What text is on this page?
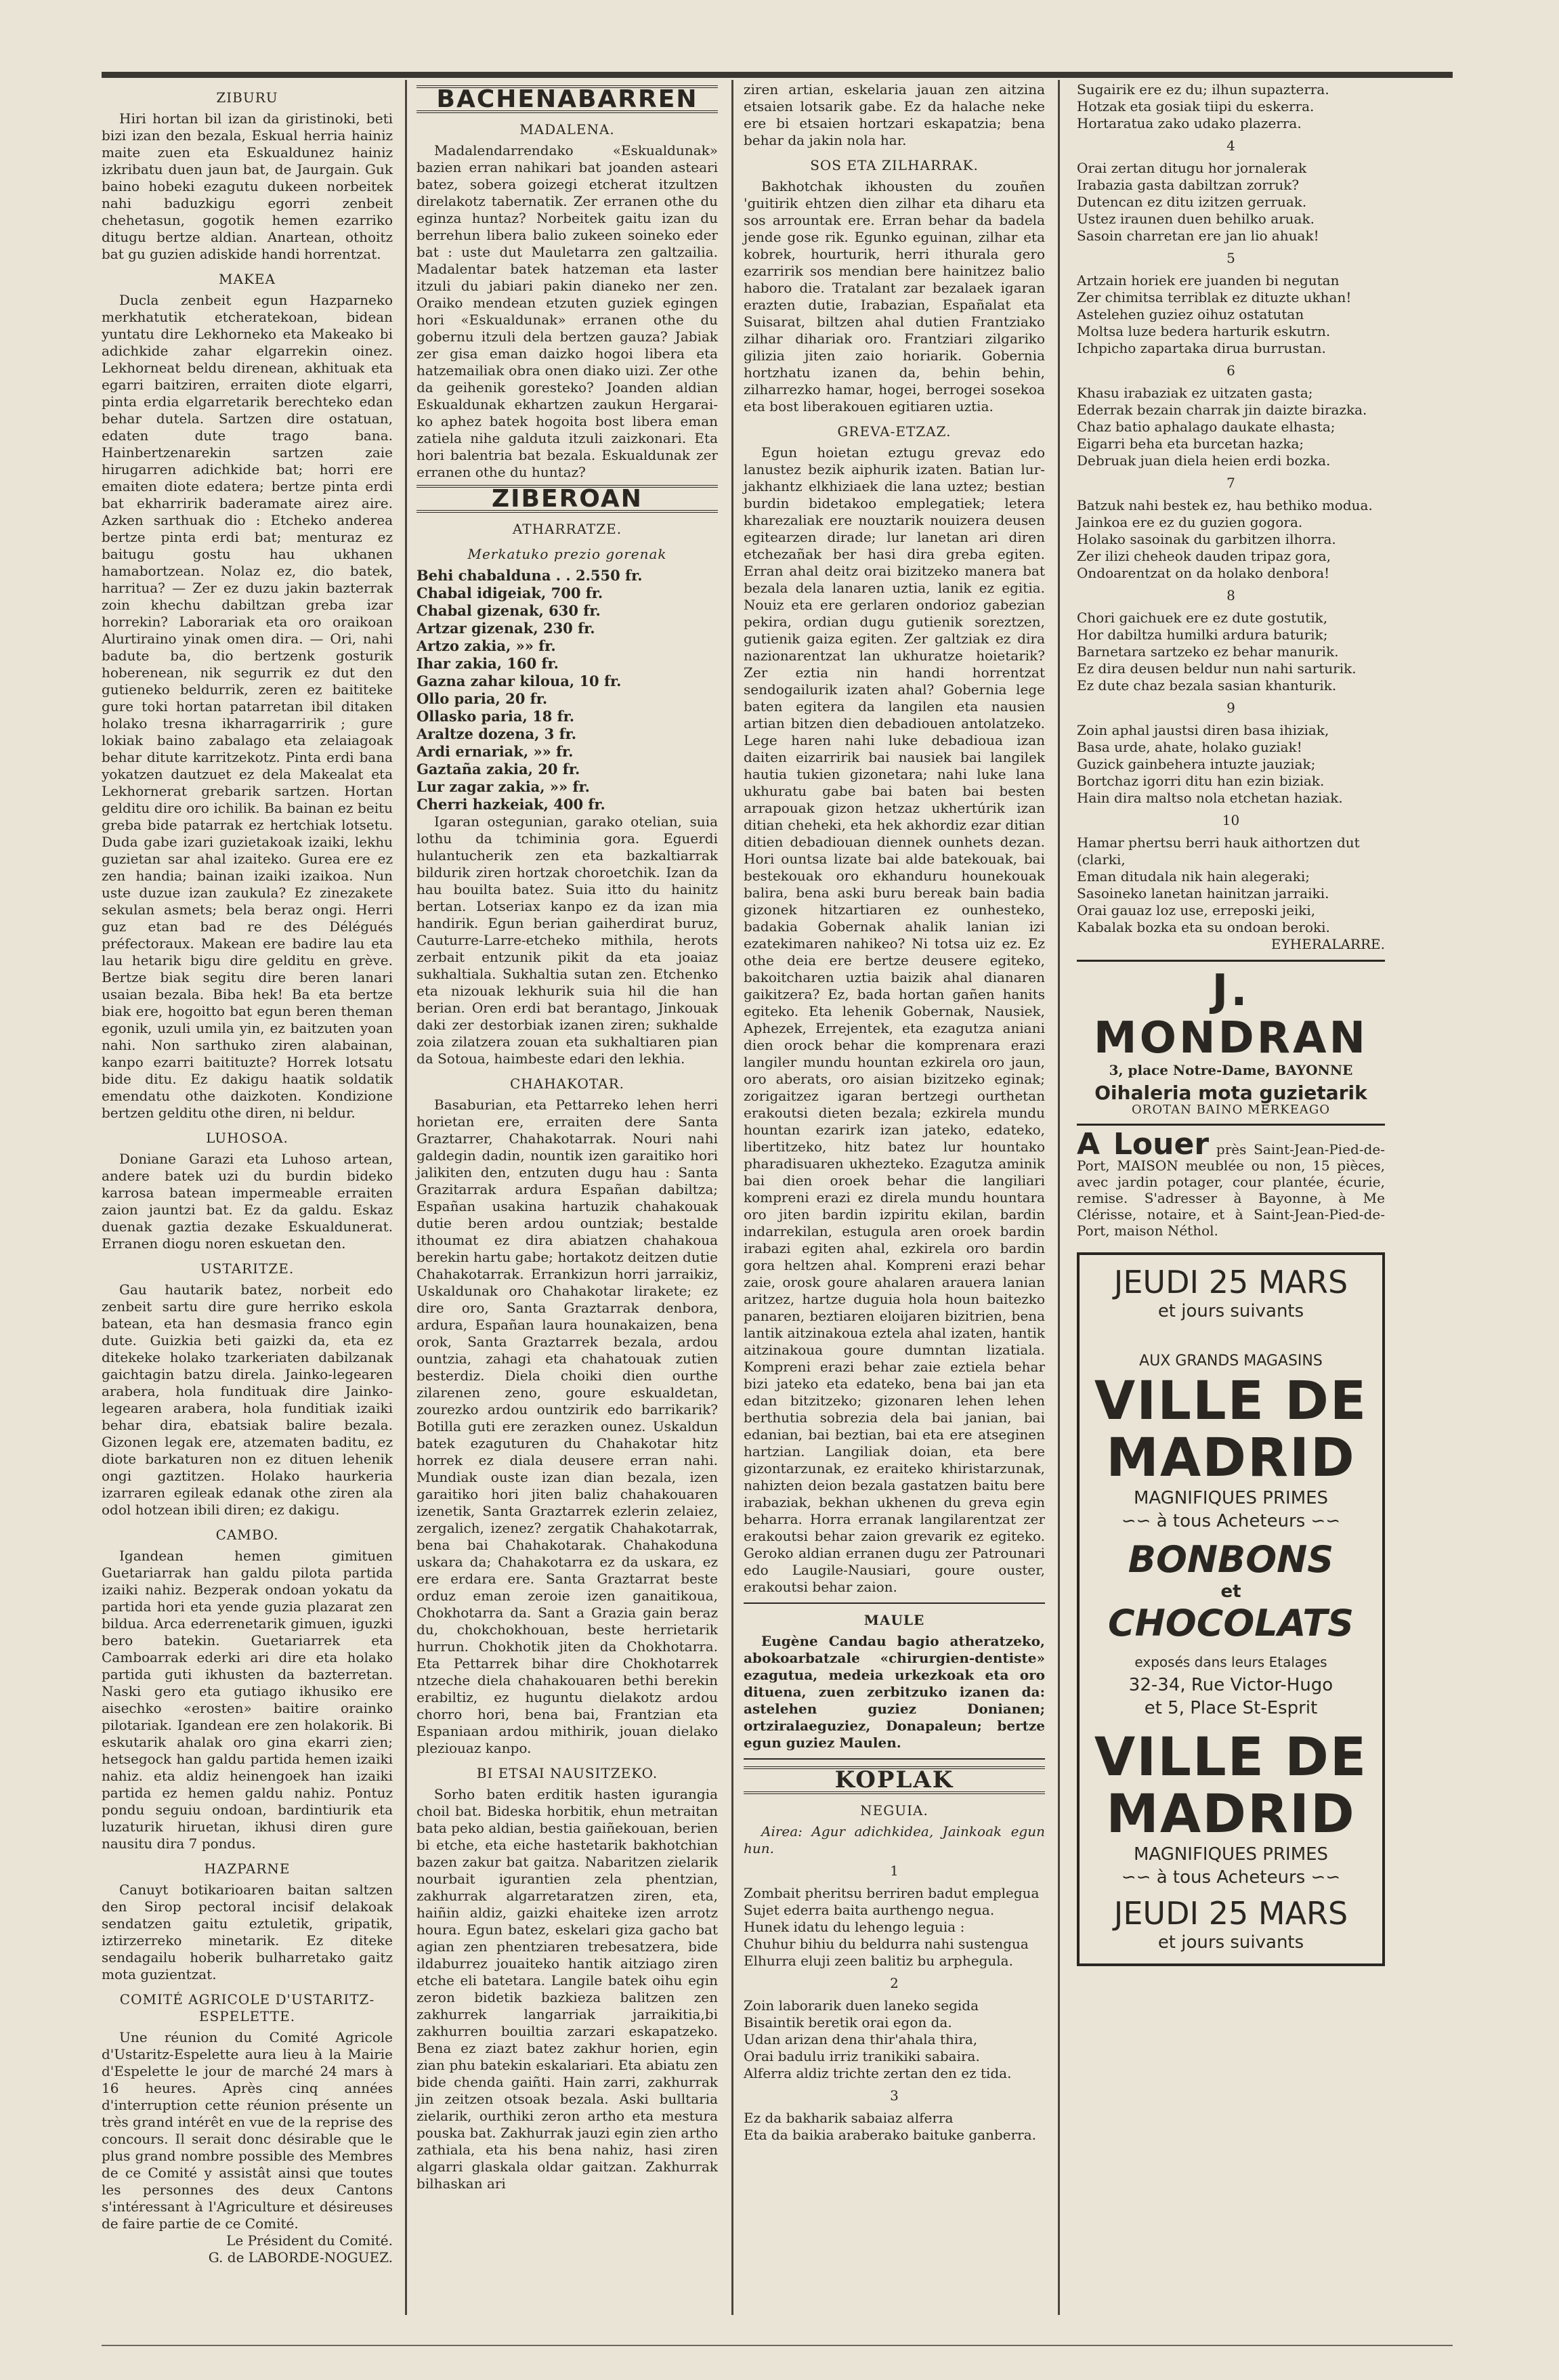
ZIBURU

Hiri hortan bil izan da giristinoki, beti bizi izan den bezala, Eskual herria hainiz maite zuen eta Eskualdunez hainiz izkribatu duen jaun bat, de Jaurgain. Guk baino hobeki ezagutu dukeen norbeitek nahi baduzkigu egorri zenbeit chehetasun, gogotik hemen ezarriko ditugu bertze aldian. Anartean, othoitz bat gu guzien adiskide handi horrentzat.

MAKEA

Ducla zenbeit egun Hazparneko merkhatutik etcheratekoan, bidean yuntatu dire Lekhorneko eta Makeako bi adichkide zahar elgarrekin oinez. Lekhorneat beldu direnean, akhituak eta egarri baitziren, erraiten diote elgarri, pinta erdia elgarretarik berechteko edan behar dutela. Sartzen dire ostatuan, edaten dute trago bana. Hainbertzenarekin sartzen zaie hirugarren adichkide bat; horri ere emaiten diote edatera; bertze pinta erdi bat ekharririk baderamate airez aire. Azken sarthuak dio : Etcheko anderea bertze pinta erdi bat; menturaz ez baitugu gostu hau ukhanen hamabortzean. Nolaz ez, dio batek, harritua? — Zer ez duzu jakin bazterrak zoin khechu dabiltzan greba izar horrekin? Laborariak eta oro oraikoan Alurtiraino yinak omen dira. — Ori, nahi badute ba, dio bertzenk gosturik hoberenean, nik segurrik ez dut den gutieneko beldurrik, zeren ez baititeke gure toki hortan patarretan ibil ditaken holako tresna ikharragarririk ; gure lokiak baino zabalago eta zelaiagoak behar ditute karritzekotz. Pinta erdi bana yokatzen dautzuet ez dela Makealat eta Lekhornerat grebarik sartzen. Hortan gelditu dire oro ichilik. Ba bainan ez beitu greba bide patarrak ez hertchiak lotsetu. Duda gabe izari guzietakoak izaiki, lekhu guzietan sar ahal izaiteko. Gurea ere ez zen handia; bainan izaiki izaikoa. Nun uste duzue izan zaukula? Ez zinezakete sekulan asmets; bela beraz ongi. Herri guz etan bad re des Délégués préfectoraux. Makean ere badire lau eta lau hetarik bigu dire gelditu en grève. Bertze biak segitu dire beren lanari usaian bezala. Biba hek! Ba eta bertze biak ere, hogoitto bat egun beren theman egonik, uzuli umila yin, ez baitzuten yoan nahi. Non sarthuko ziren alabainan, kanpo ezarri baitituzte? Horrek lotsatu bide ditu. Ez dakigu haatik soldatik emendatu othe daizkoten. Kondizione bertzen gelditu othe diren, ni beldur.

LUHOSOA.

Doniane Garazi eta Luhoso artean, andere batek uzi du burdin bideko karrosa batean impermeable erraiten zaion jauntzi bat. Ez da galdu. Eskaz duenak gaztia dezake Eskualdunerat. Erranen diogu noren eskuetan den.

USTARITZE.

Gau hautarik batez, norbeit edo zenbeit sartu dire gure herriko eskola batean, eta han desmasia franco egin dute. Guizkia beti gaizki da, eta ez ditekeke holako tzarkeriaten dabilzanak gaichtagin batzu direla. Jainko-legearen arabera, hola fundituak dire Jainko-legearen arabera, hola funditiak izaiki behar dira, ebatsiak balire bezala. Gizonen legak ere, atzematen baditu, ez diote barkaturen non ez dituen lehenik ongi gaztitzen. Holako haurkeria izarraren egileak edanak othe ziren ala odol hotzean ibili diren; ez dakigu.

CAMBO.

Igandean hemen gimituen Guetariarrak han galdu pilota partida izaiki nahiz. Bezperak ondoan yokatu da partida hori eta yende guzia plazarat zen bildua. Arca ederrenetarik gimuen, iguzki bero batekin. Guetariarrek eta Camboarrak ederki ari dire eta holako partida guti ikhusten da bazterretan. Naski gero eta gutiago ikhusiko ere aisechko «erosten» baitire orainko pilotariak. Igandean ere zen holakorik. Bi eskutarik ahalak oro gina ekarri zien; hetsegock han galdu partida hemen izaiki nahiz. eta aldiz heinengoek han izaiki partida ez hemen galdu nahiz. Pontuz pondu seguiu ondoan, bardintiurik eta luzaturik hiruetan, ikhusi diren gure nausitu dira 7 pondus.

HAZPARNE

Canuyt botikarioaren baitan saltzen den Sirop pectoral incisif delakoak sendatzen gaitu eztuletik, gripatik, iztirzerreko minetarik. Ez diteke sendagailu hoberik bulharretako gaitz mota guzientzat.

COMITÉ AGRICOLE D'USTARITZ-ESPELETTE.

Une réunion du Comité Agricole d'Ustaritz-Espelette aura lieu à la Mairie d'Espelette le jour de marché 24 mars à 16 heures. Après cinq années d'interruption cette réunion présente un très grand intérêt en vue de la reprise des concours. Il serait donc désirable que le plus grand nombre possible des Membres de ce Comité y assistât ainsi que toutes les personnes des deux Cantons s'intéressant à l'Agriculture et désireuses de faire partie de ce Comité.

Le Président du Comité.

G. de LABORDE-NOGUEZ.

BACHENABARREN
MADALENA.

Madalendarrendako «Eskualdunak» bazien erran nahikari bat joanden asteari batez, sobera goizegi etcherat itzultzen direlakotz tabernatik. Zer erranen othe du eginza huntaz? Norbeitek gaitu izan du berrehun libera balio zukeen soineko eder bat : uste dut Mauletarra zen galtzailia. Madalentar batek hatzeman eta laster itzuli du jabiari pakin dianeko ner zen. Oraiko mendean etzuten guziek egingen hori «Eskualdunak» erranen othe du gobernu itzuli dela bertzen gauza? Jabiak zer gisa eman daizko hogoi libera eta hatzemailiak obra onen diako uizi. Zer othe da geihenik goresteko? Joanden aldian Eskualdunak ekhartzen zaukun Hergarai-ko aphez batek hogoita bost libera eman zatiela nihe galduta itzuli zaizkonari. Eta hori balentria bat bezala. Eskualdunak zer erranen othe du huntaz?

ZIBEROAN
ATHARRATZE.
Merkatuko prezio gorenak
Behi chabalduna . . 2.550 fr.
Chabal idigeiak, 700 fr.
Chabal gizenak, 630 fr.
Artzar gizenak, 230 fr.
Artzo zakia, »» fr.
Ihar zakia, 160 fr.
Gazna zahar kiloua, 10 fr.
Ollo paria, 20 fr.
Ollasko paria, 18 fr.
Araltze dozena, 3 fr.
Ardi ernariak, »» fr.
Gaztaña zakia, 20 fr.
Lur zagar zakia, »» fr.
Cherri hazkeiak, 400 fr.

Igaran ostegunian, garako otelian, suia lothu da tchiminia gora. Eguerdi hulantucherik zen eta bazkaltiarrak bildurik ziren hortzak choroetchik. Izan da hau bouilta batez. Suia itto du hainitz bertan. Lotseriax kanpo ez da izan mia handirik. Egun berian gaiherdirat buruz, Cauturre-Larre-etcheko mithila, herots zerbait entzunik pikit da eta joaiaz sukhaltiala. Sukhaltia sutan zen. Etchenko eta nizouak lekhurik suia hil die han berian. Oren erdi bat berantago, Jinkouak daki zer destorbiak izanen ziren; sukhalde zoia zilatzera zouan eta sukhaltiaren pian da Sotoua, haimbeste edari den lekhia.

CHAHAKOTAR.

Basaburian, eta Pettarreko lehen herri horietan ere, erraiten dere Santa Graztarrer, Chahakotarrak. Nouri nahi galdegin dadin, nountik izen garaitiko hori jalikiten den, entzuten dugu hau : Santa Grazitarrak ardura Españan dabiltza; Españan usakina hartuzik chahakouak dutie beren ardou ountziak; bestalde ithoumat ez dira abiatzen chahakoua berekin hartu gabe; hortakotz deitzen dutie Chahakotarrak. Errankizun horri jarraikiz, Uskaldunak oro Chahakotar lirakete; ez dire oro, Santa Graztarrak denbora, ardura, Españan laura hounakaizen, bena orok, Santa Graztarrek bezala, ardou ountzia, zahagi eta chahatouak zutien besterdiz. Diela choiki dien ourthe zilarenen zeno, goure eskualdetan, zourezko ardou ountzirik edo barrikarik? Botilla guti ere zerazken ounez. Uskaldun batek ezaguturen du Chahakotar hitz horrek ez diala deusere erran nahi. Mundiak ouste izan dian bezala, izen garaitiko hori jiten baliz chahakouaren izenetik, Santa Graztarrek ezlerin zelaiez, zergalich, izenez? zergatik Chahakotarrak, bena bai Chahakotarak. Chahakoduna uskara da; Chahakotarra ez da uskara, ez ere erdara ere. Santa Graztarrat beste orduz eman zeroie izen ganaitikoua, Chokhotarra da. Sant a Grazia gain beraz du, chokchokhouan, beste herrietarik hurrun. Chokhotik jiten da Chokhotarra. Eta Pettarrek bihar dire Chokhotarrek ntzeche diela chahakouaren bethi berekin erabiltiz, ez huguntu dielakotz ardou chorro hori, bena bai, Frantzian eta Espaniaan ardou mithirik, jouan dielako pleziouaz kanpo.

BI ETSAI NAUSITZEKO.

Sorho baten erditik hasten igurangia choil bat. Bideska horbitik, ehun metraitan bata peko aldian, bestia gaiñekouan, berien bi etche, eta eiche hastetarik bakhotchian bazen zakur bat gaitza. Nabaritzen zielarik nourbait igurantien zela phentzian, zakhurrak algarretaratzen ziren, eta, haiñin aldiz, gaizki ehaiteke izen arrotz houra. Egun batez, eskelari giza gacho bat agian zen phentziaren trebesatzera, bide ildaburrez jouaiteko hantik aitziago ziren etche eli batetara. Langile batek oihu egin zeron bidetik bazkieza balitzen zen zakhurrek langarriak jarraikitia,bi zakhurren bouiltia zarzari eskapatzeko. Bena ez ziazt batez zakhur horien, egin zian phu batekin eskalariari. Eta abiatu zen bide chenda gaiñti. Hain zarri, zakhurrak jin zeitzen otsoak bezala. Aski bulltaria zielarik, ourthiki zeron artho eta mestura pouska bat. Zakhurrak jauzi egin zien artho zathiala, eta his bena nahiz, hasi ziren algarri glaskala oldar gaitzan. Zakhurrak bilhaskan ari

ziren artian, eskelaria jauan zen aitzina etsaien lotsarik gabe. Ez da halache neke ere bi etsaien hortzari eskapatzia; bena behar da jakin nola har.

SOS ETA ZILHARRAK.

Bakhotchak ikhousten du zouñen 'guitirik ehtzen dien zilhar eta diharu eta sos arrountak ere. Erran behar da badela jende gose rik. Egunko eguinan, zilhar eta kobrek, hourturik, herri ithurala gero ezarririk sos mendian bere hainitzez balio haboro die. Tratalant zar bezalaek igaran erazten dutie, Irabazian, Españalat eta Suisarat, biltzen ahal dutien Frantziako zilhar dihariak oro. Frantziari zilgariko gilizia jiten zaio horiarik. Gobernia hortzhatu izanen da, behin behin, zilharrezko hamar, hogei, berrogei sosekoa eta bost liberakouen egitiaren uztia.

GREVA-ETZAZ.

Egun hoietan eztugu grevaz edo lanustez bezik aiphurik izaten. Batian lur-jakhantz elkhiziaek die lana uztez; bestian burdin bidetakoo emplegatiek; letera kharezaliak ere nouztarik nouizera deusen egitearzen dirade; lur lanetan ari diren etchezañak ber hasi dira greba egiten. Erran ahal deitz orai bizitzeko manera bat bezala dela lanaren uztia, lanik ez egitia. Nouiz eta ere gerlaren ondorioz gabezian pekira, ordian dugu gutienik soreztzen, gutienik gaiza egiten. Zer galtziak ez dira nazionarentzat lan ukhuratze hoietarik? Zer eztia nin handi horrentzat sendogailurik izaten ahal? Gobernia lege baten egitera da langilen eta nausien artian bitzen dien debadiouen antolatzeko. Lege haren nahi luke debadioua izan daiten eizarririk bai nausiek bai langilek hautia tukien gizonetara; nahi luke lana ukhuratu gabe bai baten bai besten arrapouak gizon hetzaz ukhertúrik izan ditian cheheki, eta hek akhordiz ezar ditian ditien debadiouan diennek ounhets dezan. Hori ountsa lizate bai alde batekouak, bai bestekouak oro ekhanduru hounekouak balira, bena aski buru bereak bain badia gizonek hitzartiaren ez ounhesteko, badakia Gobernak ahalik lanian izi ezatekimaren nahikeo? Ni totsa uiz ez. Ez othe deia ere bertze deusere egiteko, bakoitcharen uztia baizik ahal dianaren gaikitzera? Ez, bada hortan gañen hanits egiteko. Eta lehenik Gobernak, Nausiek, Aphezek, Errejentek, eta ezagutza aniani dien orock behar die komprenara erazi langiler mundu hountan ezkirela oro jaun, oro aberats, oro aisian bizitzeko eginak; zorigaitzez igaran bertzegi ourthetan erakoutsi dieten bezala; ezkirela mundu hountan ezarirk izan jateko, edateko, libertitzeko, hitz batez lur hountako pharadisuaren ukhezteko. Ezagutza aminik bai dien oroek behar die langiliari kompreni erazi ez direla mundu hountara oro jiten bardin izpiritu ekilan, bardin indarrekilan, estugula aren oroek bardin irabazi egiten ahal, ezkirela oro bardin gora heltzen ahal. Kompreni erazi behar zaie, orosk goure ahalaren arauera lanian aritzez, hartze duguia hola houn baitezko panaren, beztiaren eloijaren bizitrien, bena lantik aitzinakoua eztela ahal izaten, hantik aitzinakoua goure dumntan lizatiala. Kompreni erazi behar zaie eztiela behar bizi jateko eta edateko, bena bai jan eta edan bitzitzeko; gizonaren lehen lehen berthutia sobrezia dela bai janian, bai edanian, bai beztian, bai eta ere atseginen hartzian. Langiliak doian, eta bere gizontarzunak, ez eraiteko khiristarzunak, nahizten deion bezala gastatzen baitu bere irabaziak, bekhan ukhenen du greva egin beharra. Horra erranak langilarentzat zer erakoutsi behar zaion grevarik ez egiteko. Geroko aldian erranen dugu zer Patrounari edo Laugile-Nausiari, goure ouster, erakoutsi behar zaion.

MAULE

Eugène Candau bagio atheratzeko, abokoarbatzale «chirurgien-dentiste» ezagutua, medeia urkezkoak eta oro dituena, zuen zerbitzuko izanen da: astelehen guziez Donianen; ortziralaeguziez, Donapaleun; bertze egun guziez Maulen.

KOPLAK
NEGUIA.

Airea: Agur adichkidea, Jainkoak egun hun.

1

Zombait pheritsu berriren badut emplegua
Sujet ederra baita aurthengo negua.
Hunek idatu du lehengo leguia :
Chuhur bihiu du beldurra nahi sustengua
Elhurra eluji zeen balitiz bu arphegula.

2

Zoin laborarik duen laneko segida
Bisaintik beretik orai egon da.
Udan arizan dena thir'ahala thira,
Orai badulu irriz tranikiki sabaira.
Alferra aldiz trichte zertan den ez tida.

3

Ez da bakharik sabaiaz alferra
Eta da baikia araberako baituke ganberra.

Sugairik ere ez du; ilhun supazterra.
Hotzak eta gosiak tiipi du eskerra.
Hortaratua zako udako plazerra.

4

Orai zertan ditugu hor jornalerak
Irabazia gasta dabiltzan zorruk?
Dutencan ez ditu izitzen gerruak.
Ustez iraunen duen behilko aruak.
Sasoin charretan ere jan lio ahuak!

5

Artzain horiek ere juanden bi negutan
Zer chimitsa terriblak ez dituzte ukhan!
Astelehen guziez oihuz ostatutan
Moltsa luze bedera harturik eskutrn.
Ichpicho zapartaka dirua burrustan.

6

Khasu irabaziak ez uitzaten gasta;
Ederrak bezain charrak jin daizte birazka.
Chaz batio aphalago daukate elhasta;
Eigarri beha eta burcetan hazka;
Debruak juan diela heien erdi bozka.

7

Batzuk nahi bestek ez, hau bethiko modua.
Jainkoa ere ez du guzien gogora.
Holako sasoinak du garbitzen ilhorra.
Zer ilizi cheheok dauden tripaz gora,
Ondoarentzat on da holako denbora!

8

Chori gaichuek ere ez dute gostutik,
Hor dabiltza humilki ardura baturik;
Barnetara sartzeko ez behar manurik.
Ez dira deusen beldur nun nahi sarturik.
Ez dute chaz bezala sasian khanturik.

9

Zoin aphal jaustsi diren basa ihiziak,
Basa urde, ahate, holako guziak!
Guzick gainbehera intuzte jauziak;
Bortchaz igorri ditu han ezin biziak.
Hain dira maltso nola etchetan haziak.

10

Hamar phertsu berri hauk aithortzen dut (clarki,
Eman ditudala nik hain alegeraki;
Sasoineko lanetan hainitzan jarraiki.
Orai gauaz loz use, erreposki jeiki,
Kabalak bozka eta su ondoan beroki.

EYHERALARRE.

J. MONDRAN
3, place Notre-Dame, BAYONNE
Oihaleria mota guzietarik
OROTAN BAINO MERKEAGO
A Louer près Saint-Jean-Pied-de-Port, MAISON meublée ou non, 15 pièces, avec jardin potager, cour plantée, écurie, remise. S'adresser à Bayonne, à Me Clérisse, notaire, et à Saint-Jean-Pied-de-Port, maison Néthol.
JEUDI 25 MARS
et jours suivants
AUX GRANDS MAGASINS
VILLE DE MADRID
MAGNIFIQUES PRIMES
∽∽ à tous Acheteurs ∽∽
BONBONS
et
CHOCOLATS
exposés dans leurs Etalages
32-34, Rue Victor-Hugo
et 5, Place St-Esprit
VILLE DE MADRID
MAGNIFIQUES PRIMES
∽∽ à tous Acheteurs ∽∽
JEUDI 25 MARS
et jours suivants
